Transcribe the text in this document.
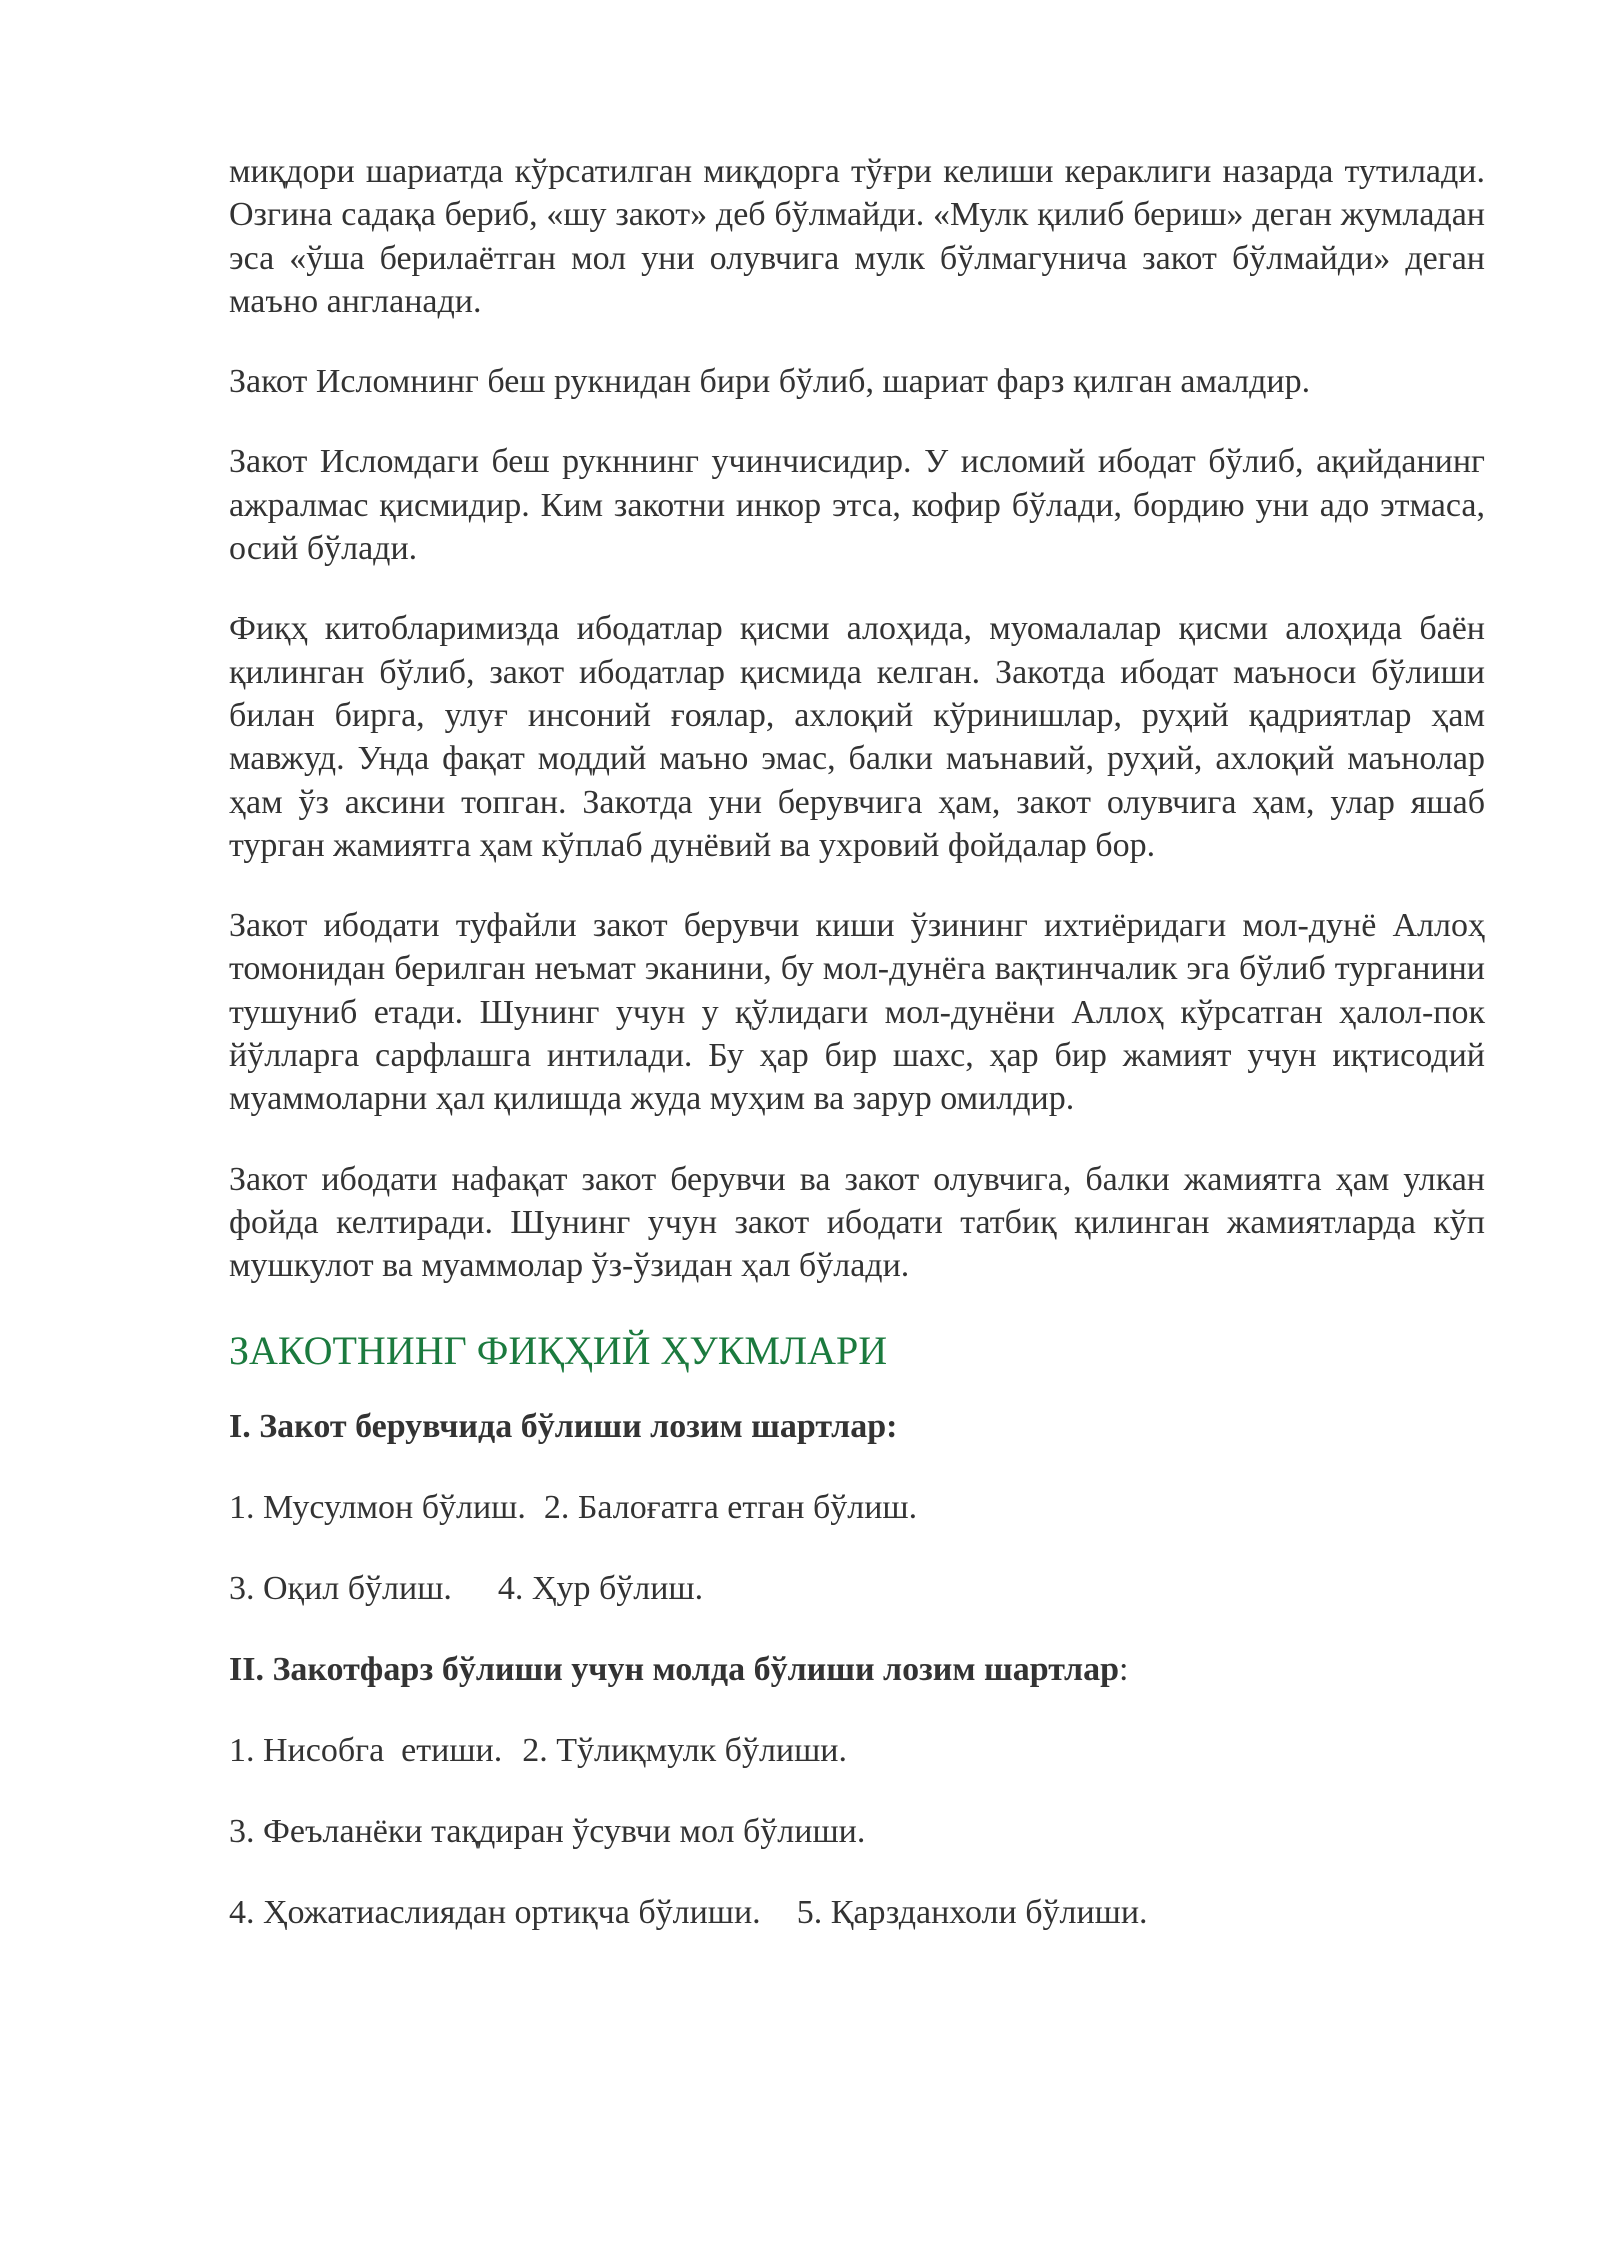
миқдори шариатда кўрсатилган миқдорга тўғри келиши кераклиги назарда тутилади. Озгина садақа бериб, «шу закот» деб бўлмайди. «Мулк қилиб бериш» деган жумладан эса «ўша берилаётган мол уни олувчига мулк бўлмагунича закот бўлмайди» деган маъно англанади.

Закот Исломнинг беш рукнидан бири бўлиб, шариат фарз қилган амалдир.

Закот Исломдаги беш рукннинг учинчисидир. У исломий ибодат бўлиб, ақийданинг ажралмас қисмидир. Ким закотни инкор этса, кофир бўлади, бордию уни адо этмаса, осий бўлади.

Фиқҳ китобларимизда ибодатлар қисми алоҳида, муомалалар қисми алоҳида баён қилинган бўлиб, закот ибодатлар қисмида келган. Закотда ибодат маъноси бўлиши билан бирга, улуғ инсоний ғоялар, ахлоқий кўринишлар, руҳий қадриятлар ҳам мавжуд. Унда фақат моддий маъно эмас, балки маънавий, руҳий, ахлоқий маънолар ҳам ўз аксини топган. Закотда уни берувчига ҳам, закот олувчига ҳам, улар яшаб турган жамиятга ҳам кўплаб дунёвий ва ухровий фойдалар бор.

Закот ибодати туфайли закот берувчи киши ўзининг ихтиёридаги мол-дунё Аллоҳ томонидан берилган неъмат эканини, бу мол-дунёга вақтинчалик эга бўлиб турганини тушуниб етади. Шунинг учун у қўлидаги мол-дунёни Аллоҳ кўрсатган ҳалол-пок йўлларга сарфлашга интилади. Бу ҳар бир шахс, ҳар бир жамият учун иқтисодий муаммоларни ҳал қилишда жуда муҳим ва зарур омилдир.

Закот ибодати нафақат закот берувчи ва закот олувчига, балки жамиятга ҳам улкан фойда келтиради. Шунинг учун закот ибодати татбиқ қилинган жамиятларда кўп мушкулот ва муаммолар ўз-ўзидан ҳал бўлади.

ЗАКОТНИНГ ФИҚҲИЙ ҲУКМЛАРИ
I. Закот берувчида бўлиши лозим шартлар:
1. Мусулмон бўлиш. 2. Балоғатга етган бўлиш.
3. Оқил бўлиш. 4. Ҳур бўлиш.
II. Закотфарз бўлиши учун молда бўлиши лозим шартлар:
1. Нисобга  етиши. 2. Тўлиқмулк бўлиши.
3. Феъланёки тақдиран ўсувчи мол бўлиши.
4. Ҳожатиаслиядан ортиқча бўлиши. 5. Қарзданхоли бўлиши.
